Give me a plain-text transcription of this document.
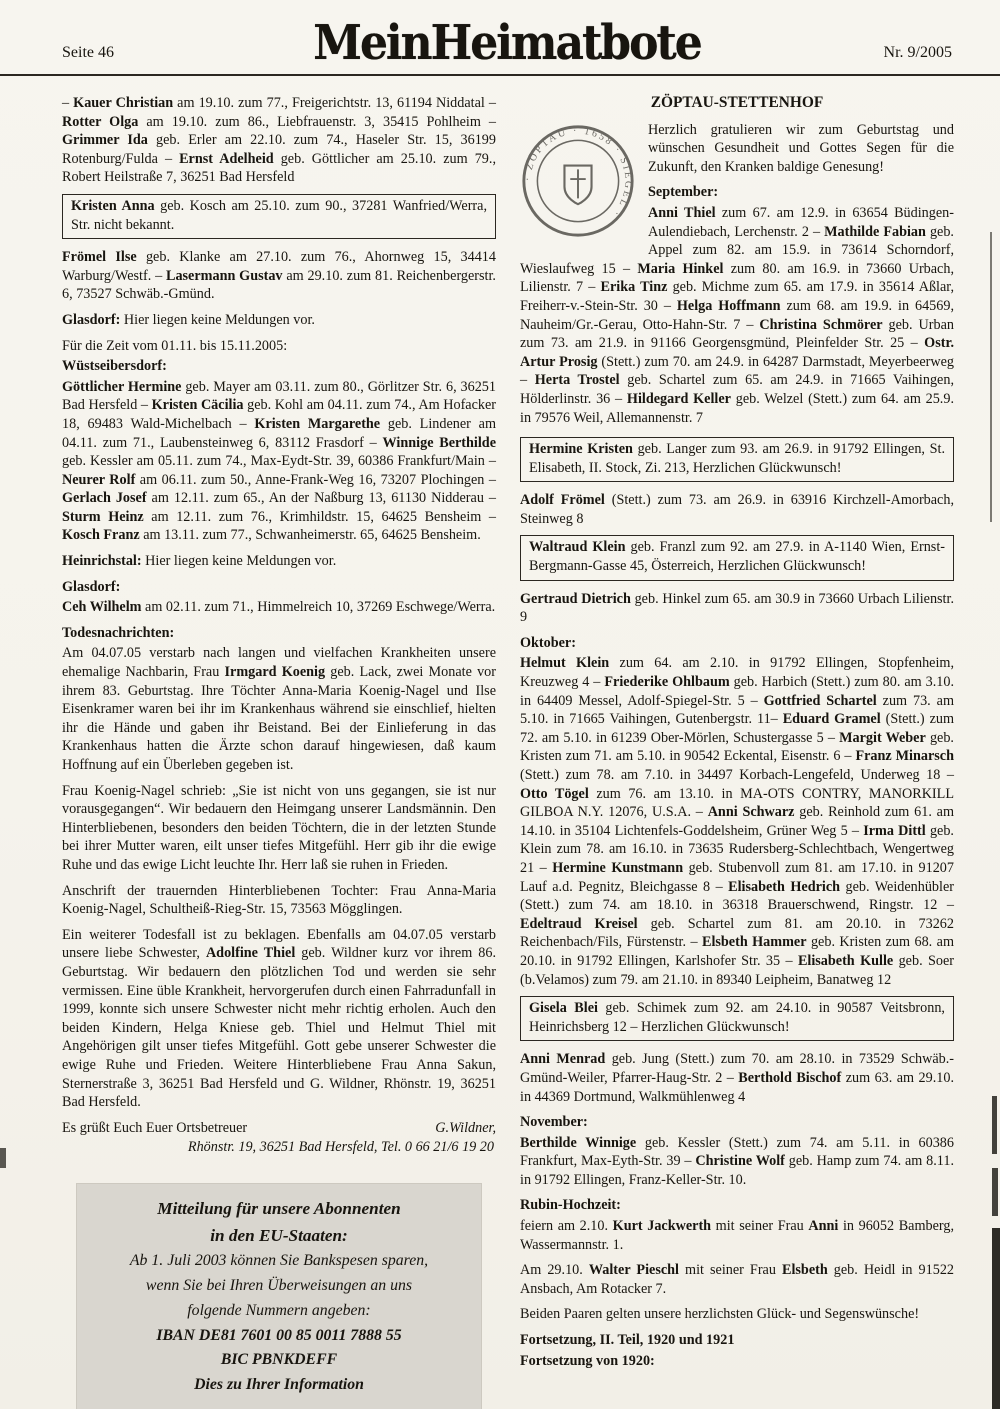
Seite 46	MeinHeimatbote	Nr. 9/2005

– Kauer Christian am 19.10. zum 77., Freigerichtstr. 13, 61194 Niddatal – Rotter Olga am 19.10. zum 86., Liebfrauenstr. 3, 35415 Pohlheim – Grimmer Ida geb. Erler am 22.10. zum 74., Haseler Str. 15, 36199 Rotenburg/Fulda – Ernst Adelheid geb. Göttlicher am 25.10. zum 79., Robert Heilstraße 7, 36251 Bad Hersfeld

Kristen Anna geb. Kosch am 25.10. zum 90., 37281 Wanfried/Werra, Str. nicht bekannt.

Frömel Ilse geb. Klanke am 27.10. zum 76., Ahornweg 15, 34414 Warburg/Westf. – Lasermann Gustav am 29.10. zum 81. Reichenbergerstr. 6, 73527 Schwäb.-Gmünd.

Glasdorf: Hier liegen keine Meldungen vor.

Für die Zeit vom 01.11. bis 15.11.2005:

Wüstseibersdorf:

Göttlicher Hermine geb. Mayer am 03.11. zum 80., Görlitzer Str. 6, 36251 Bad Hersfeld – Kristen Cäcilia geb. Kohl am 04.11. zum 74., Am Hofacker 18, 69483 Wald-Michelbach – Kristen Margarethe geb. Lindener am 04.11. zum 71., Laubensteinweg 6, 83112 Frasdorf – Winnige Berthilde geb. Kessler am 05.11. zum 74., Max-Eydt-Str. 39, 60386 Frankfurt/Main – Neurer Rolf am 06.11. zum 50., Anne-Frank-Weg 16, 73207 Plochingen – Gerlach Josef am 12.11. zum 65., An der Naßburg 13, 61130 Nidderau – Sturm Heinz am 12.11. zum 76., Krimhildstr. 15, 64625 Bensheim – Kosch Franz am 13.11. zum 77., Schwanheimerstr. 65, 64625 Bensheim.

Heinrichstal: Hier liegen keine Meldungen vor.

Glasdorf:

Ceh Wilhelm am 02.11. zum 71., Himmelreich 10, 37269 Eschwege/Werra.

Todesnachrichten:

Am 04.07.05 verstarb nach langen und vielfachen Krankheiten unsere ehemalige Nachbarin, Frau Irmgard Koenig geb. Lack, zwei Monate vor ihrem 83. Geburtstag. Ihre Töchter Anna-Maria Koenig-Nagel und Ilse Eisenkramer waren bei ihr im Krankenhaus während sie einschlief, hielten ihr die Hände und gaben ihr Beistand. Bei der Einlieferung in das Krankenhaus hatten die Ärzte schon darauf hingewiesen, daß kaum Hoffnung auf ein Überleben gegeben ist.

Frau Koenig-Nagel schrieb: „Sie ist nicht von uns gegangen, sie ist nur vorausgegangen“. Wir bedauern den Heimgang unserer Landsmännin. Den Hinterbliebenen, besonders den beiden Töchtern, die in der letzten Stunde bei ihrer Mutter waren, eilt unser tiefes Mitgefühl. Herr gib ihr die ewige Ruhe und das ewige Licht leuchte Ihr. Herr laß sie ruhen in Frieden.

Anschrift der trauernden Hinterbliebenen Tochter: Frau Anna-Maria Koenig-Nagel, Schultheiß-Rieg-Str. 15, 73563 Mögglingen.

Ein weiterer Todesfall ist zu beklagen. Ebenfalls am 04.07.05 verstarb unsere liebe Schwester, Adolfine Thiel geb. Wildner kurz vor ihrem 86. Geburtstag. Wir bedauern den plötzlichen Tod und werden sie sehr vermissen. Eine üble Krankheit, hervorgerufen durch einen Fahrradunfall in 1999, konnte sich unsere Schwester nicht mehr richtig erholen. Auch den beiden Kindern, Helga Kniese geb. Thiel und Helmut Thiel mit Angehörigen gilt unser tiefes Mitgefühl. Gott gebe unserer Schwester die ewige Ruhe und Frieden. Weitere Hinterbliebene Frau Anna Sakun, Sternerstraße 3, 36251 Bad Hersfeld und G. Wildner, Rhönstr. 19, 36251 Bad Hersfeld.

Es grüßt Euch Euer Ortsbetreuer	G.Wildner,

Rhönstr. 19, 36251 Bad Hersfeld, Tel. 0 66 21/6 19 20

Mitteilung für unsere Abonnenten
in den EU-Staaten:
Ab 1. Juli 2003 können Sie Bankspesen sparen,
wenn Sie bei Ihren Überweisungen an uns
folgende Nummern angeben:
IBAN DE81 7601 00 85 0011 7888 55
BIC PBNKDEFF
Dies zu Ihrer Information

ZÖPTAU-STETTENHOF

· ZÖPTAU · 1658 · SIEGEL ·

Herzlich gratulieren wir zum Geburtstag und wünschen Gesundheit und Gottes Segen für die Zukunft, den Kranken baldige Genesung!

September:

Anni Thiel zum 67. am 12.9. in 63654 Büdingen-Aulendiebach, Lerchenstr. 2 – Mathilde Fabian geb. Appel zum 82. am 15.9. in 73614 Schorndorf, Wieslaufweg 15 – Maria Hinkel zum 80. am 16.9. in 73660 Urbach, Lilienstr. 7 – Erika Tinz geb. Michme zum 65. am 17.9. in 35614 Aßlar, Freiherr-v.-Stein-Str. 30 – Helga Hoffmann zum 68. am 19.9. in 64569, Nauheim/Gr.-Gerau, Otto-Hahn-Str. 7 – Christina Schmörer geb. Urban zum 73. am 21.9. in 91166 Georgensgmünd, Pleinfelder Str. 25 – Ostr. Artur Prosig (Stett.) zum 70. am 24.9. in 64287 Darmstadt, Meyerbeerweg – Herta Trostel geb. Schartel zum 65. am 24.9. in 71665 Vaihingen, Hölderlinstr. 36 – Hildegard Keller geb. Welzel (Stett.) zum 64. am 25.9. in 79576 Weil, Allemannenstr. 7

Hermine Kristen geb. Langer zum 93. am 26.9. in 91792 Ellingen, St. Elisabeth, II. Stock, Zi. 213, Herzlichen Glückwunsch!

Adolf Frömel (Stett.) zum 73. am 26.9. in 63916 Kirchzell-Amorbach, Steinweg 8

Waltraud Klein geb. Franzl zum 92. am 27.9. in A-1140 Wien, Ernst-Bergmann-Gasse 45, Österreich, Herzlichen Glückwunsch!

Gertraud Dietrich geb. Hinkel zum 65. am 30.9 in 73660 Urbach Lilienstr. 9

Oktober:

Helmut Klein zum 64. am 2.10. in 91792 Ellingen, Stopfenheim, Kreuzweg 4 – Friederike Ohlbaum geb. Harbich (Stett.) zum 80. am 3.10. in 64409 Messel, Adolf-Spiegel-Str. 5 – Gottfried Schartel zum 73. am 5.10. in 71665 Vaihingen, Gutenbergstr. 11– Eduard Gramel (Stett.) zum 72. am 5.10. in 61239 Ober-Mörlen, Schustergasse 5 – Margit Weber geb. Kristen zum 71. am 5.10. in 90542 Eckental, Eisenstr. 6 – Franz Minarsch (Stett.) zum 78. am 7.10. in 34497 Korbach-Lengefeld, Underweg 18 – Otto Tögel zum 76. am 13.10. in MA-OTS CONTRY, MANORKILL GILBOA N.Y. 12076, U.S.A. – Anni Schwarz geb. Reinhold zum 61. am 14.10. in 35104 Lichtenfels-Goddelsheim, Grüner Weg 5 – Irma Dittl geb. Klein zum 78. am 16.10. in 73635 Rudersberg-Schlechtbach, Wengertweg 21 – Hermine Kunstmann geb. Stubenvoll zum 81. am 17.10. in 91207 Lauf a.d. Pegnitz, Bleichgasse 8 – Elisabeth Hedrich geb. Weidenhübler (Stett.) zum 74. am 18.10. in 36318 Brauerschwend, Ringstr. 12 – Edeltraud Kreisel geb. Schartel zum 81. am 20.10. in 73262 Reichenbach/Fils, Fürstenstr. – Elsbeth Hammer geb. Kristen zum 68. am 20.10. in 91792 Ellingen, Karlshofer Str. 35 – Elisabeth Kulle geb. Soer (b.Velamos) zum 79. am 21.10. in 89340 Leipheim, Banatweg 12

Gisela Blei geb. Schimek zum 92. am 24.10. in 90587 Veitsbronn, Heinrichsberg 12 – Herzlichen Glückwunsch!

Anni Menrad geb. Jung (Stett.) zum 70. am 28.10. in 73529 Schwäb.-Gmünd-Weiler, Pfarrer-Haug-Str. 2 – Berthold Bischof zum 63. am 29.10. in 44369 Dortmund, Walkmühlenweg 4

November:

Berthilde Winnige geb. Kessler (Stett.) zum 74. am 5.11. in 60386 Frankfurt, Max-Eyth-Str. 39 – Christine Wolf geb. Hamp zum 74. am 8.11. in 91792 Ellingen, Franz-Keller-Str. 10.

Rubin-Hochzeit:

feiern am 2.10. Kurt Jackwerth mit seiner Frau Anni in 96052 Bamberg, Wassermannstr. 1.

Am 29.10. Walter Pieschl mit seiner Frau Elsbeth geb. Heidl in 91522 Ansbach, Am Rotacker 7.

Beiden Paaren gelten unsere herzlichsten Glück- und Segenswünsche!

Fortsetzung, II. Teil, 1920 und 1921

Fortsetzung von 1920:
